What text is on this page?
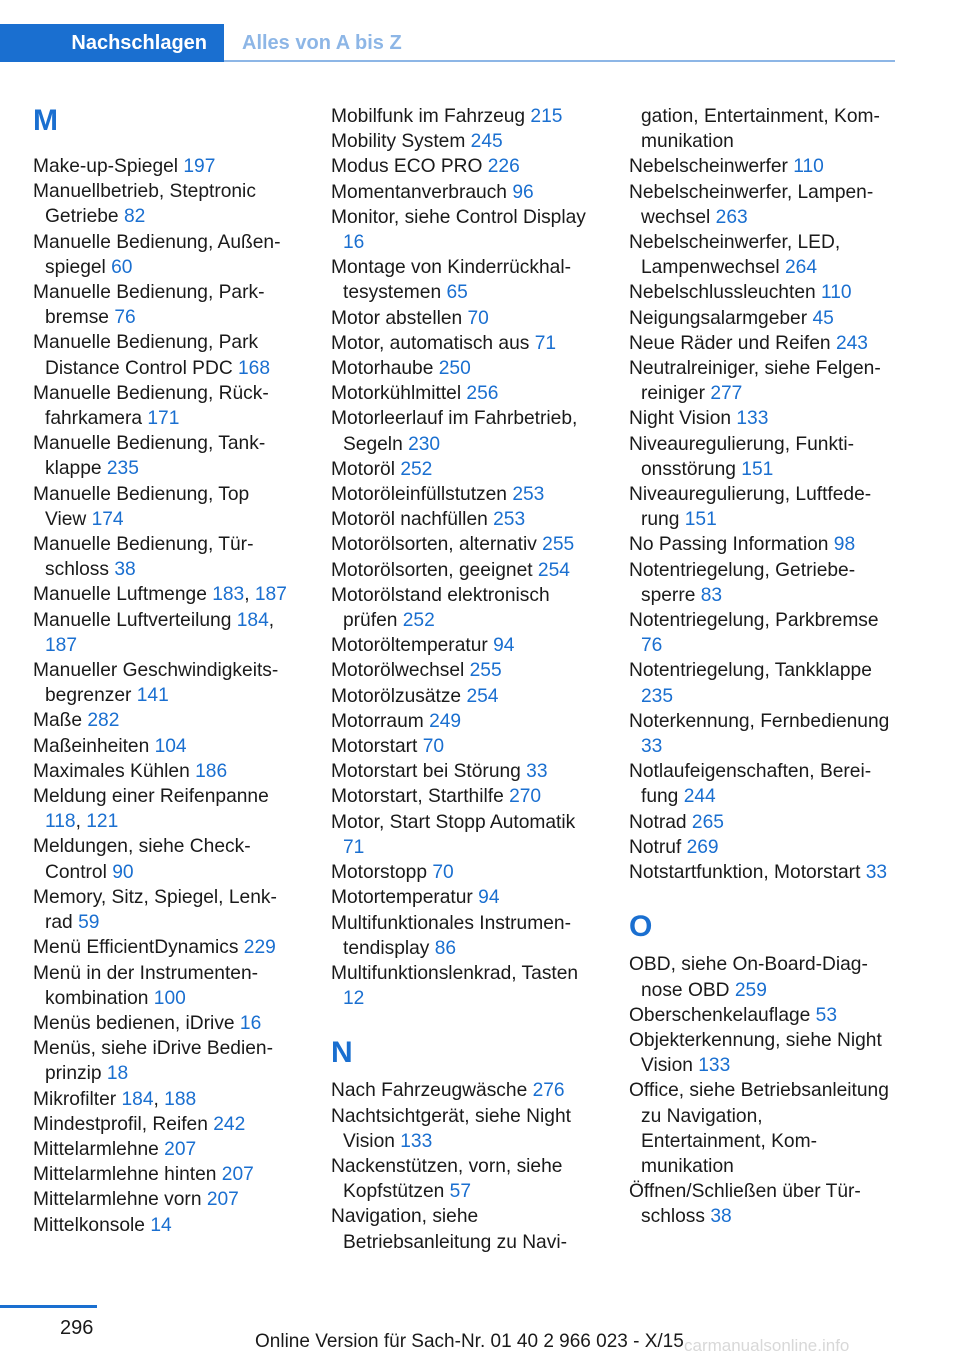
Nachschlagen Alles von A bis Z
M

Make-up-Spiegel 197

Manuellbetrieb, Steptronic Getriebe 82

Manuelle Bedienung, Außenspiegel 60

Manuelle Bedienung, Parkbremse 76

Manuelle Bedienung, Park Distance Control PDC 168

Manuelle Bedienung, Rückfahrkamera 171

Manuelle Bedienung, Tankklappe 235

Manuelle Bedienung, Top View 174

Manuelle Bedienung, Türschloss 38

Manuelle Luftmenge 183, 187

Manuelle Luftverteilung 184, 187

Manueller Geschwindigkeitsbegrenzer 141

Maße 282

Maßeinheiten 104

Maximales Kühlen 186

Meldung einer Reifenpanne 118, 121

Meldungen, siehe Check-Control 90

Memory, Sitz, Spiegel, Lenkrad 59

Menü EfficientDynamics 229

Menü in der Instrumentenkombination 100

Menüs bedienen, iDrive 16

Menüs, siehe iDrive Bedienprinzip 18

Mikrofilter 184, 188

Mindestprofil, Reifen 242

Mittelarmlehne 207

Mittelarmlehne hinten 207

Mittelarmlehne vorn 207

Mittelkonsole 14

Mobilfunk im Fahrzeug 215

Mobility System 245

Modus ECO PRO 226

Momentanverbrauch 96

Monitor, siehe Control Display 16

Montage von Kinderrückhaltesystemen 65

Motor abstellen 70

Motor, automatisch aus 71

Motorhaube 250

Motorkühlmittel 256

Motorleerlauf im Fahrbetrieb, Segeln 230

Motoröl 252

Motoröleinfüllstutzen 253

Motoröl nachfüllen 253

Motorölsorten, alternativ 255

Motorölsorten, geeignet 254

Motorölstand elektronisch prüfen 252

Motoröltemperatur 94

Motorölwechsel 255

Motorölzusätze 254

Motorraum 249

Motorstart 70

Motorstart bei Störung 33

Motorstart, Starthilfe 270

Motor, Start Stopp Automatik 71

Motorstopp 70

Motortemperatur 94

Multifunktionales Instrumentendisplay 86

Multifunktionslenkrad, Tasten 12

N

Nach Fahrzeugwäsche 276

Nachtsichtgerät, siehe Night Vision 133

Nackenstützen, vorn, siehe Kopfstützen 57

Navigation, siehe Betriebsanleitung zu Navi-

gation, Entertainment, Kommunikation

Nebelscheinwerfer 110

Nebelscheinwerfer, Lampenwechsel 263

Nebelscheinwerfer, LED, Lampenwechsel 264

Nebelschlussleuchten 110

Neigungsalarmgeber 45

Neue Räder und Reifen 243

Neutralreiniger, siehe Felgenreiniger 277

Night Vision 133

Niveauregulierung, Funktionsstörung 151

Niveauregulierung, Luftfederung 151

No Passing Information 98

Notentriegelung, Getriebesperre 83

Notentriegelung, Parkbremse 76

Notentriegelung, Tankklappe 235

Noterkennung, Fernbedienung 33

Notlaufeigenschaften, Bereifung 244

Notrad 265

Notruf 269

Notstartfunktion, Motorstart 33

O

OBD, siehe On-Board-Diagnose OBD 259

Oberschenkelauflage 53

Objekterkennung, siehe Night Vision 133

Office, siehe Betriebsanleitung zu Navigation, Entertainment, Kommunikation

Öffnen/Schließen über Türschloss 38

296
Online Version für Sach-Nr. 01 40 2 966 023 - X/15 carmanualsonline.info
